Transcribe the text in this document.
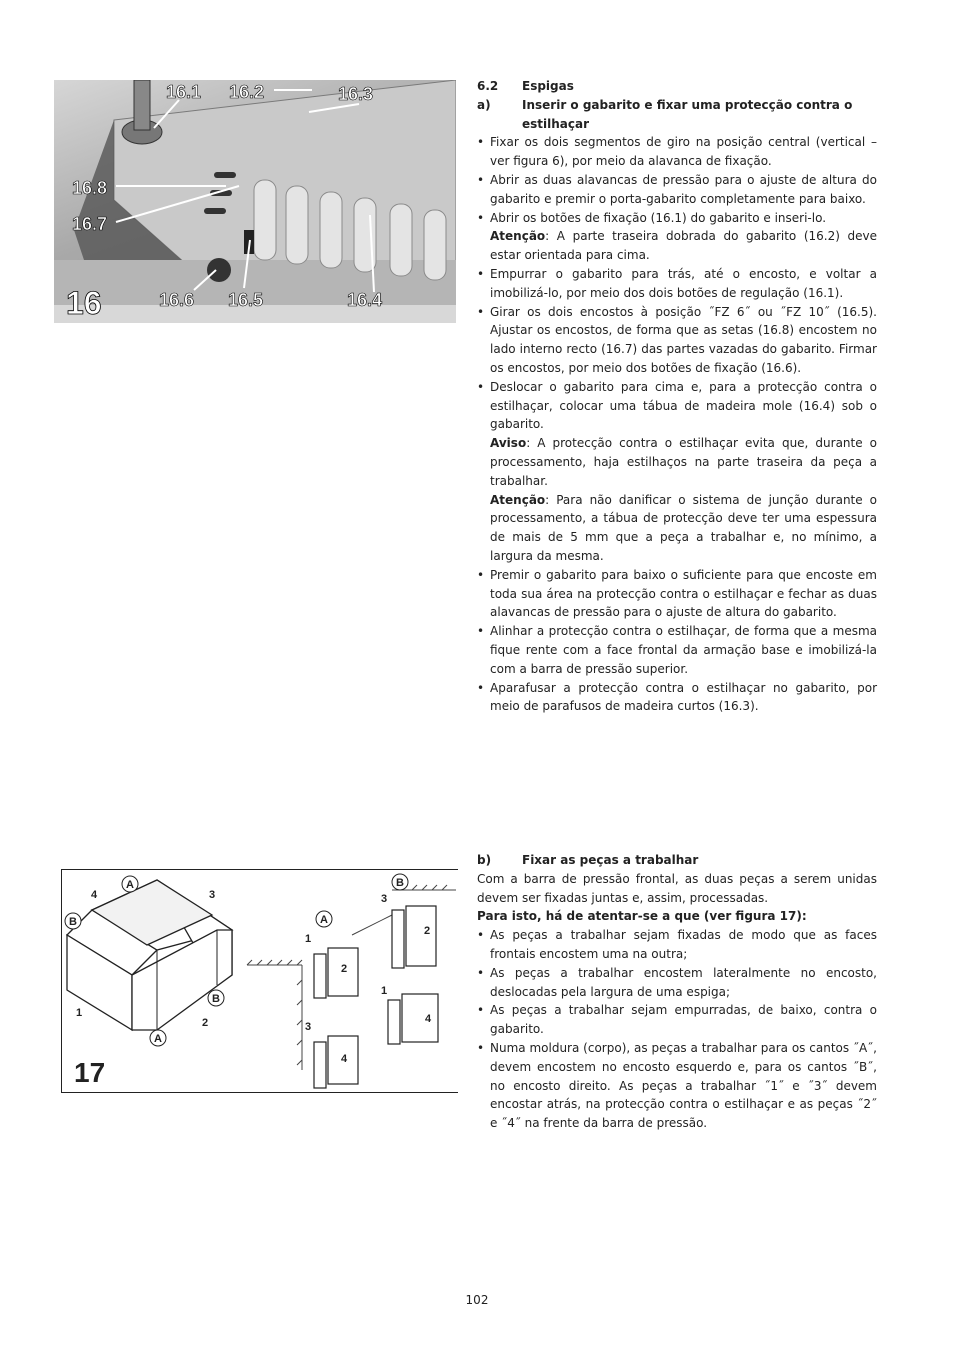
16.1 16.2	16.3
16.8
16.7
16.6 16.5	16.4
16
A
B
B
A
A
B
4	3
1
2
3
2
1
2
1
4
3
4
17
6.2	Espigas
a)	Inserir o gabarito e fixar uma protecção contra o estilhaçar
• Fixar os dois segmentos de giro na posição central (vertical – ver figura 6), por meio da alavanca de fixação.
• Abrir as duas alavancas de pressão para o ajuste de altura do gabarito e premir o porta-gabarito completamente para baixo.
• Abrir os botões de fixação (16.1) do gabarito e inseri-lo.

Atenção: A parte traseira dobrada do gabarito (16.2) deve estar orientada para cima.

• Empurrar o gabarito para trás, até o encosto, e voltar a imobilizá-lo, por meio dos dois botões de regulação (16.1).
• Girar os dois encostos à posição ˝FZ 6˝ ou ˝FZ 10˝ (16.5). Ajustar os encostos, de forma que as setas (16.8) encostem no lado interno recto (16.7) das partes vazadas do gabarito. Firmar os encostos, por meio dos botões de fixação (16.6).
• Deslocar o gabarito para cima e, para a protecção contra o estilhaçar, colocar uma tábua de madeira mole (16.4) sob o gabarito.

Aviso: A protecção contra o estilhaçar evita que, durante o processamento, haja estilhaços na parte traseira da peça a trabalhar.

Atenção: Para não danificar o sistema de junção durante o processamento, a tábua de protecção deve ter uma espessura de mais de 5 mm que a peça a trabalhar e, no mínimo, a largura da mesma.

• Premir o gabarito para baixo o suficiente para que encoste em toda sua área na protecção contra o estilhaçar e fechar as duas alavancas de pressão para o ajuste de altura do gabarito.
• Alinhar a protecção contra o estilhaçar, de forma que a mesma fique rente com a face frontal da armação base e imobilizá-la com a barra de pressão superior.
• Aparafusar a protecção contra o estilhaçar no gabarito, por meio de parafusos de madeira curtos (16.3).
b)	Fixar as peças a trabalhar

Com a barra de pressão frontal, as duas peças a serem unidas devem ser fixadas juntas e, assim, processadas.

Para isto, há de atentar-se a que (ver figura 17):

• As peças a trabalhar sejam fixadas de modo que as faces frontais encostem uma na outra;
• As peças a trabalhar encostem lateralmente no encosto, deslocadas pela largura de uma espiga;
• As peças a trabalhar sejam empurradas, de baixo, contra o gabarito.
• Numa moldura (corpo), as peças a trabalhar para os cantos ˝A˝, devem encostem no encosto esquerdo e, para os cantos ˝B˝, no encosto direito. As peças a trabalhar ˝1˝ e ˝3˝ devem encostar atrás, na protecção contra o estilhaçar e as peças ˝2˝ e ˝4˝ na frente da barra de pressão.
102
